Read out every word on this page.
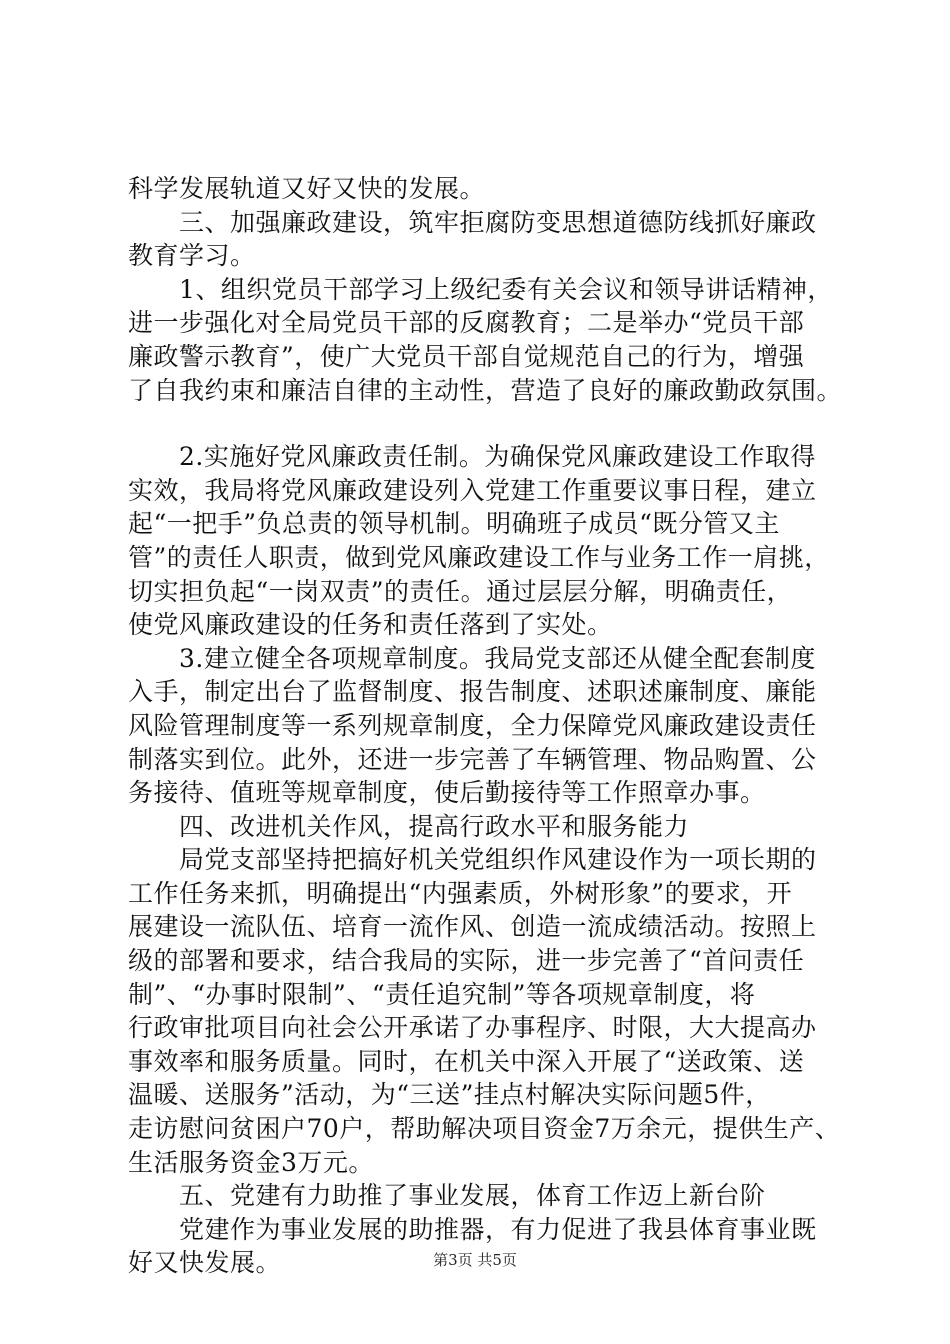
科学发展轨道又好又快的发展。
　　三、加强廉政建设，筑牢拒腐防变思想道德防线抓好廉政
教育学习。
　　1、组织党员干部学习上级纪委有关会议和领导讲话精神，
进一步强化对全局党员干部的反腐教育；二是举办“党员干部
廉政警示教育”，使广大党员干部自觉规范自己的行为，增强
了自我约束和廉洁自律的主动性，营造了良好的廉政勤政氛围。
　　2.实施好党风廉政责任制。为确保党风廉政建设工作取得
实效，我局将党风廉政建设列入党建工作重要议事日程，建立
起“一把手”负总责的领导机制。明确班子成员“既分管又主
管”的责任人职责，做到党风廉政建设工作与业务工作一肩挑，
切实担负起“一岗双责”的责任。通过层层分解，明确责任，
使党风廉政建设的任务和责任落到了实处。
　　3.建立健全各项规章制度。我局党支部还从健全配套制度
入手，制定出台了监督制度、报告制度、述职述廉制度、廉能
风险管理制度等一系列规章制度，全力保障党风廉政建设责任
制落实到位。此外，还进一步完善了车辆管理、物品购置、公
务接待、值班等规章制度，使后勤接待等工作照章办事。
　　四、改进机关作风，提高行政水平和服务能力
　　局党支部坚持把搞好机关党组织作风建设作为一项长期的
工作任务来抓，明确提出“内强素质，外树形象”的要求，开
展建设一流队伍、培育一流作风、创造一流成绩活动。按照上
级的部署和要求，结合我局的实际，进一步完善了“首问责任
制”、“办事时限制”、“责任追究制”等各项规章制度，将
行政审批项目向社会公开承诺了办事程序、时限，大大提高办
事效率和服务质量。同时，在机关中深入开展了“送政策、送
温暖、送服务”活动，为“三送”挂点村解决实际问题5件，
走访慰问贫困户70户，帮助解决项目资金7万余元，提供生产、
生活服务资金3万元。
　　五、党建有力助推了事业发展，体育工作迈上新台阶
　　党建作为事业发展的助推器，有力促进了我县体育事业既
好又快发展。	第3页 共5页
